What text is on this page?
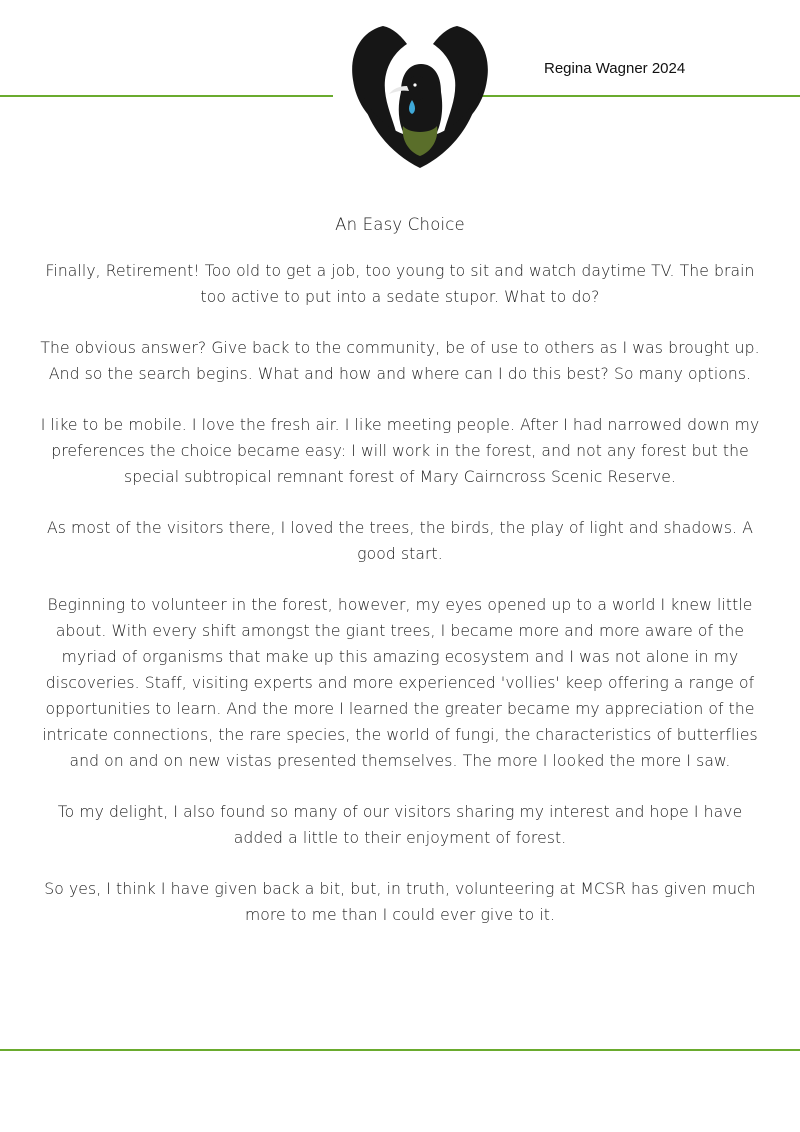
Regina Wagner 2024
An Easy Choice

Finally, Retirement! Too old to get a job, too young to sit and watch daytime TV. The brain too active to put into a sedate stupor. What to do?

The obvious answer? Give back to the community, be of use to others as I was brought up. And so the search begins. What and how and where can I do this best? So many options.

I like to be mobile. I love the fresh air. I like meeting people. After I had narrowed down my preferences the choice became easy: I will work in the forest, and not any forest but the special subtropical remnant forest of Mary Cairncross Scenic Reserve.

As most of the visitors there, I loved the trees, the birds, the play of light and shadows. A good start.

Beginning to volunteer in the forest, however, my eyes opened up to a world I knew little about. With every shift amongst the giant trees, I became more and more aware of the myriad of organisms that make up this amazing ecosystem and I was not alone in my discoveries. Staff, visiting experts and more experienced 'vollies' keep offering a range of opportunities to learn. And the more I learned the greater became my appreciation of the intricate connections, the rare species, the world of fungi, the characteristics of butterflies and on and on new vistas presented themselves. The more I looked the more I saw.

To my delight, I also found so many of our visitors sharing my interest and hope I have added a little to their enjoyment of forest.

So yes, I think I have given back a bit, but, in truth, volunteering at MCSR has given much more to me than I could ever give to it.
